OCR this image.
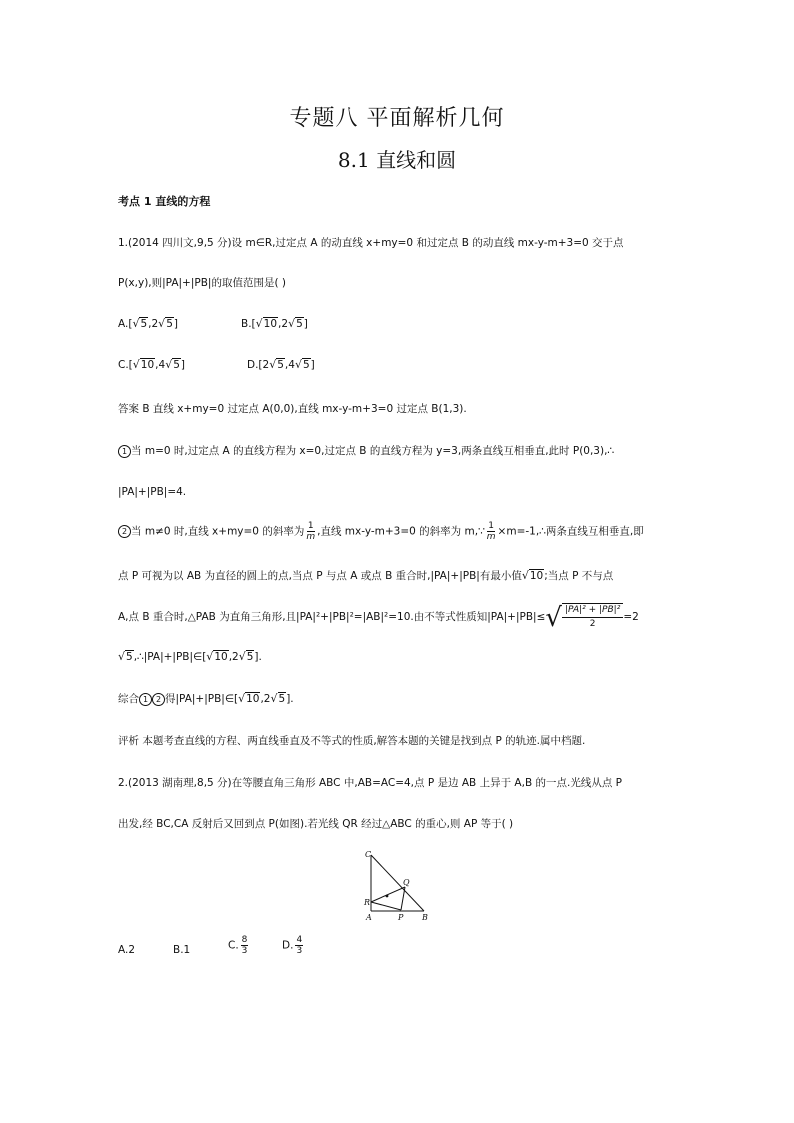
专题八 平面解析几何
8.1 直线和圆
考点 1 直线的方程
1.(2014 四川文,9,5 分)设 m∈R,过定点 A 的动直线 x+my=0 和过定点 B 的动直线 mx-y-m+3=0 交于点
P(x,y),则|PA|+|PB|的取值范围是( )
A.[√5,2√5]	B.[√10,2√5]
C.[√10,4√5]	D.[2√5,4√5]
答案 B 直线 x+my=0 过定点 A(0,0),直线 mx-y-m+3=0 过定点 B(1,3).
1 当 m=0 时,过定点 A 的直线方程为 x=0,过定点 B 的直线方程为 y=3,两条直线互相垂直,此时 P(0,3),∴
|PA|+|PB|=4.
2 当 m≠0 时,直线 x+my=0 的斜率为 $\frac{1}{m}$ ,直线 mx-y-m+3=0 的斜率为 m,∵ $\frac{1}{m}$ ×m=-1,∴两条直线互相垂直,即
点 P 可视为以 AB 为直径的圆上的点,当点 P 与点 A 或点 B 重合时,|PA|+|PB|有最小值√10;当点 P 不与点
A,点 B 重合时,△PAB 为直角三角形,且|PA|²+|PB|²=|AB|²=10.由不等式性质知|PA|+|PB|≤ √ |PA|² + |PB|²
2
=2
√5,∴|PA|+|PB|∈[√10,2√5].
综合 1 2 得|PA|+|PB|∈[√10,2√5].
评析 本题考查直线的方程、两直线垂直及不等式的性质,解答本题的关键是找到点 P 的轨迹.属中档题.
2.(2013 湖南理,8,5 分)在等腰直角三角形 ABC 中,AB=AC=4,点 P 是边 AB 上异于 A,B 的一点.光线从点 P
出发,经 BC,CA 反射后又回到点 P(如图).若光线 QR 经过△ABC 的重心,则 AP 等于( )
C
Q
R
A	P B
A.2	B.1	C. $\frac{8}{3}$	D. $\frac{4}{3}$
